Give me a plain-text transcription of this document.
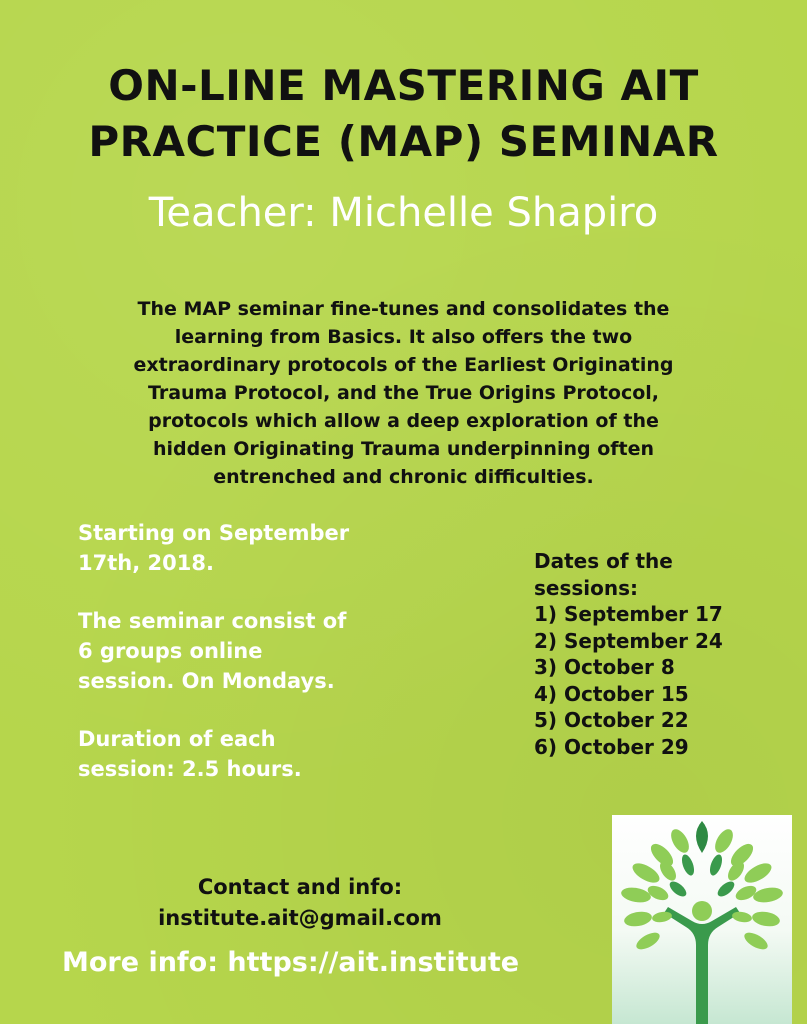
ON-LINE MASTERING AIT
PRACTICE (MAP) SEMINAR
Teacher: Michelle Shapiro
The MAP seminar fine-tunes and consolidates the
learning from Basics. It also offers the two
extraordinary protocols of the Earliest Originating
Trauma Protocol, and the True Origins Protocol,
protocols which allow a deep exploration of the
hidden Originating Trauma underpinning often
entrenched and chronic difficulties.

Starting on September
17th, 2018.

The seminar consist of
6 groups online
session. On Mondays.

Duration of each
session: 2.5 hours.

Dates of the
sessions:
1) September 17
2) September 24
3) October 8
4) October 15
5) October 22
6) October 29
Contact and info:
institute.ait@gmail.com
More info: https://ait.institute
